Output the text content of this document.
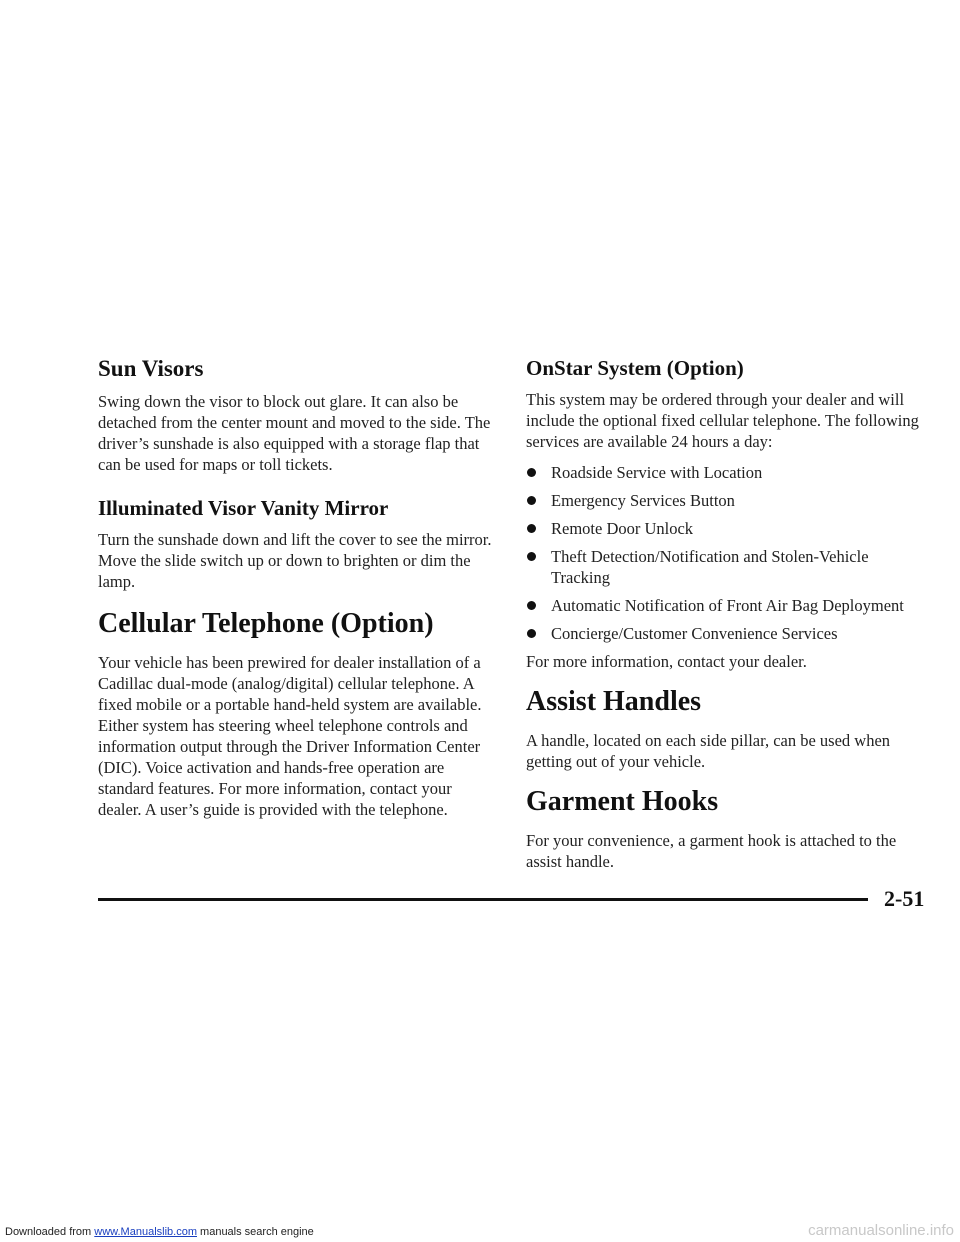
Sun Visors

Swing down the visor to block out glare. It can also be detached from the center mount and moved to the side. The driver’s sunshade is also equipped with a storage flap that can be used for maps or toll tickets.

Illuminated Visor Vanity Mirror

Turn the sunshade down and lift the cover to see the mirror. Move the slide switch up or down to brighten or dim the lamp.

Cellular Telephone (Option)

Your vehicle has been prewired for dealer installation of a Cadillac dual-mode (analog/digital) cellular telephone. A fixed mobile or a portable hand-held system are available. Either system has steering wheel telephone controls and information output through the Driver Information Center (DIC). Voice activation and hands-free operation are standard features. For more information, contact your dealer. A user’s guide is provided with the telephone.

OnStar System (Option)

This system may be ordered through your dealer and will include the optional fixed cellular telephone. The following services are available 24 hours a day:

Roadside Service with Location
Emergency Services Button
Remote Door Unlock
Theft Detection/Notification and Stolen-Vehicle Tracking
Automatic Notification of Front Air Bag Deployment
Concierge/Customer Convenience Services

For more information, contact your dealer.

Assist Handles

A handle, located on each side pillar, can be used when getting out of your vehicle.

Garment Hooks

For your convenience, a garment hook is attached to the assist handle.

2-51
Downloaded from www.Manualslib.com manuals search engine	carmanualsonline.info
